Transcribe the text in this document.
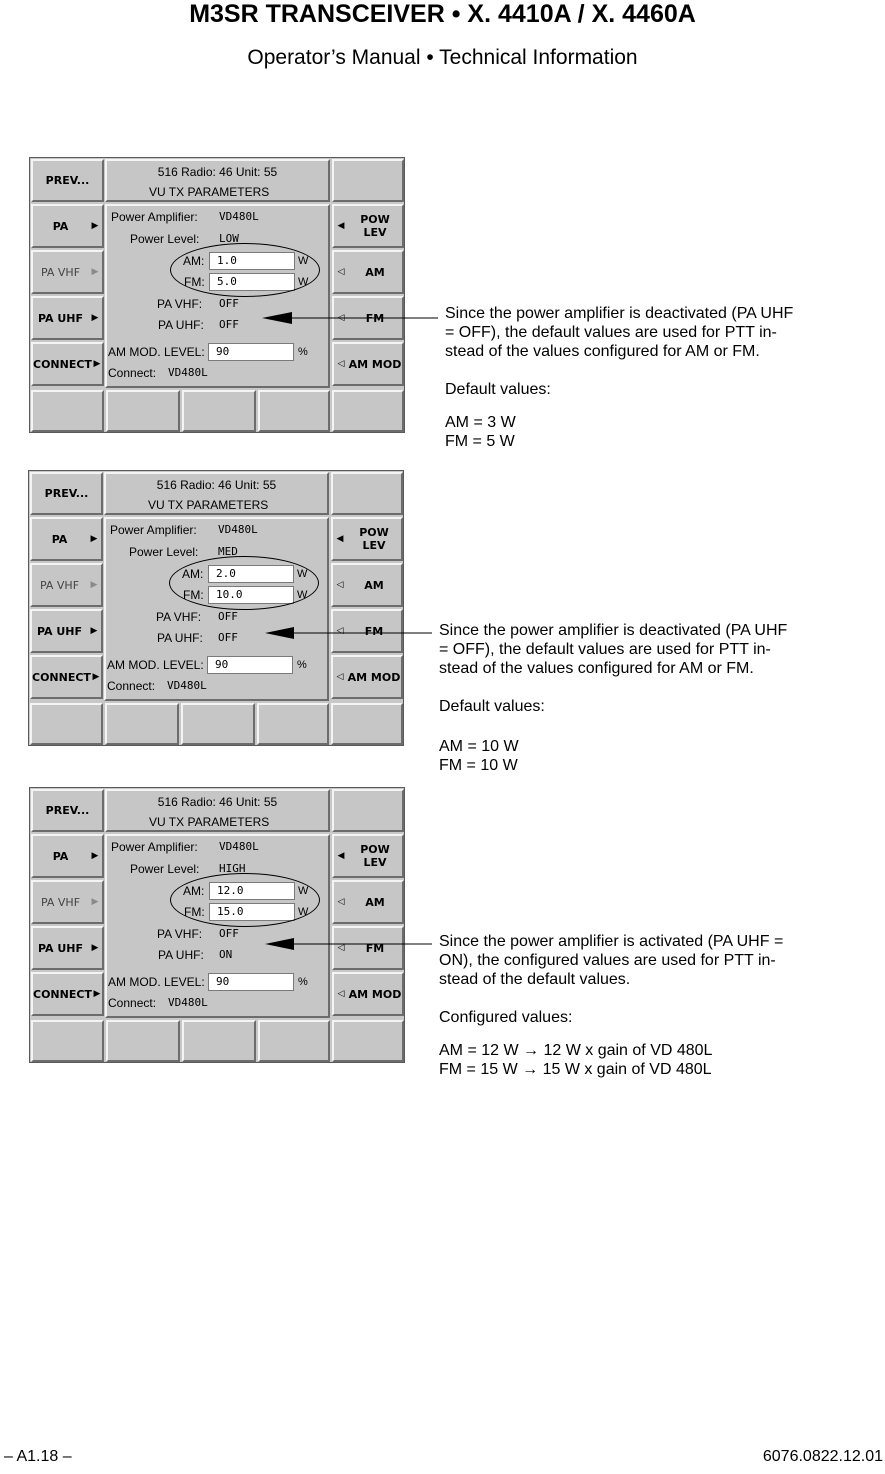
M3SR TRANSCEIVER • X. 4410A / X. 4460A
Operator’s Manual • Technical Information
516 Radio: 46 Unit: 55
VU TX PARAMETERS
PREV...
PA	▶
PA VHF	▶
PA UHF ▶
CONNECT ▶
◀	POW LEV
◁	AM
◁	FM
◁ AM MOD
Power Amplifier: VD480L
Power Level: LOW
AM:	1.0	W
FM:	5.0	W
PA VHF: OFF
PA UHF: OFF
AM MOD. LEVEL:	90	%
Connect: VD480L
516 Radio: 46 Unit: 55
VU TX PARAMETERS
PREV...
PA	▶
PA VHF	▶
PA UHF ▶
CONNECT ▶
◀	POW LEV
◁	AM
◁	FM
◁ AM MOD
Power Amplifier: VD480L
Power Level: MED
AM:	2.0	W
FM:	10.0	W
PA VHF: OFF
PA UHF: OFF
AM MOD. LEVEL:	90	%
Connect: VD480L
516 Radio: 46 Unit: 55
VU TX PARAMETERS
PREV...
PA	▶
PA VHF	▶
PA UHF ▶
CONNECT ▶
◀	POW LEV
◁	AM
◁	FM
◁ AM MOD
Power Amplifier: VD480L
Power Level: HIGH
AM:	12.0	W
FM:	15.0	W
PA VHF: OFF
PA UHF: ON
AM MOD. LEVEL:	90	%
Connect: VD480L

Since the power amplifier is deactivated (PA UHF

= OFF), the default values are used for PTT in-

stead of the values configured for AM or FM.

Default values:

AM = 3 W

FM = 5 W

Since the power amplifier is deactivated (PA UHF

= OFF), the default values are used for PTT in-

stead of the values configured for AM or FM.

Default values:

AM = 10 W

FM = 10 W

Since the power amplifier is activated (PA UHF =

ON), the configured values are used for PTT in-

stead of the default values.

Configured values:

AM = 12 W → 12 W x gain of VD 480L

FM = 15 W → 15 W x gain of VD 480L

– A1.18 –	6076.0822.12.01
